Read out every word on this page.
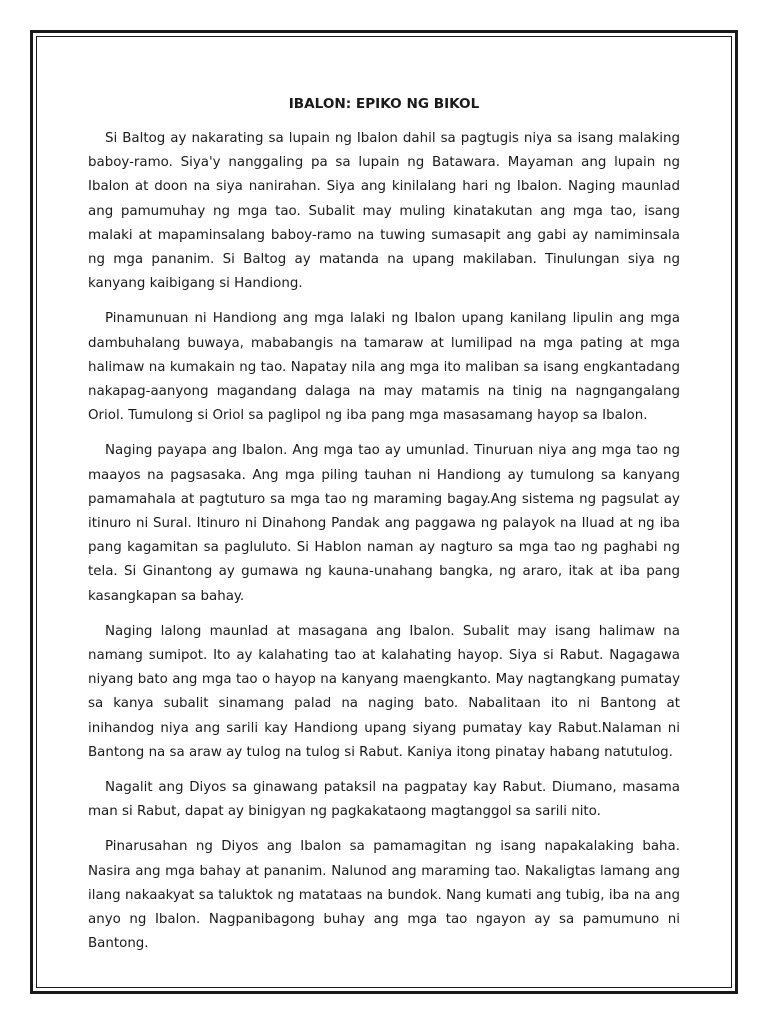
IBALON: EPIKO NG BIKOL

Si Baltog ay nakarating sa lupain ng Ibalon dahil sa pagtugis niya sa isang malaking baboy-ramo. Siya'y nanggaling pa sa lupain ng Batawara. Mayaman ang lupain ng Ibalon at doon na siya nanirahan. Siya ang kinilalang hari ng Ibalon. Naging maunlad ang pamumuhay ng mga tao. Subalit may muling kinatakutan ang mga tao, isang malaki at mapaminsalang baboy-ramo na tuwing sumasapit ang gabi ay namiminsala ng mga pananim. Si Baltog ay matanda na upang makilaban. Tinulungan siya ng kanyang kaibigang si Handiong.

Pinamunuan ni Handiong ang mga lalaki ng Ibalon upang kanilang lipulin ang mga dambuhalang buwaya, mababangis na tamaraw at lumilipad na mga pating at mga halimaw na kumakain ng tao. Napatay nila ang mga ito maliban sa isang engkantadang nakapag-aanyong magandang dalaga na may matamis na tinig na nagngangalang Oriol. Tumulong si Oriol sa paglipol ng iba pang mga masasamang hayop sa Ibalon.

Naging payapa ang Ibalon. Ang mga tao ay umunlad. Tinuruan niya ang mga tao ng maayos na pagsasaka. Ang mga piling tauhan ni Handiong ay tumulong sa kanyang pamamahala at pagtuturo sa mga tao ng maraming bagay.Ang sistema ng pagsulat ay itinuro ni Sural. Itinuro ni Dinahong Pandak ang paggawa ng palayok na Iluad at ng iba pang kagamitan sa pagluluto. Si Hablon naman ay nagturo sa mga tao ng paghabi ng tela. Si Ginantong ay gumawa ng kauna-unahang bangka, ng araro, itak at iba pang kasangkapan sa bahay.

Naging lalong maunlad at masagana ang Ibalon. Subalit may isang halimaw na namang sumipot. Ito ay kalahating tao at kalahating hayop. Siya si Rabut. Nagagawa niyang bato ang mga tao o hayop na kanyang maengkanto. May nagtangkang pumatay sa kanya subalit sinamang palad na naging bato. Nabalitaan ito ni Bantong at inihandog niya ang sarili kay Handiong upang siyang pumatay kay Rabut.Nalaman ni Bantong na sa araw ay tulog na tulog si Rabut. Kaniya itong pinatay habang natutulog.

Nagalit ang Diyos sa ginawang pataksil na pagpatay kay Rabut. Diumano, masama man si Rabut, dapat ay binigyan ng pagkakataong magtanggol sa sarili nito.

Pinarusahan ng Diyos ang Ibalon sa pamamagitan ng isang napakalaking baha. Nasira ang mga bahay at pananim. Nalunod ang maraming tao. Nakaligtas lamang ang ilang nakaakyat sa taluktok ng matataas na bundok. Nang kumati ang tubig, iba na ang anyo ng Ibalon. Nagpanibagong buhay ang mga tao ngayon ay sa pamumuno ni Bantong.
